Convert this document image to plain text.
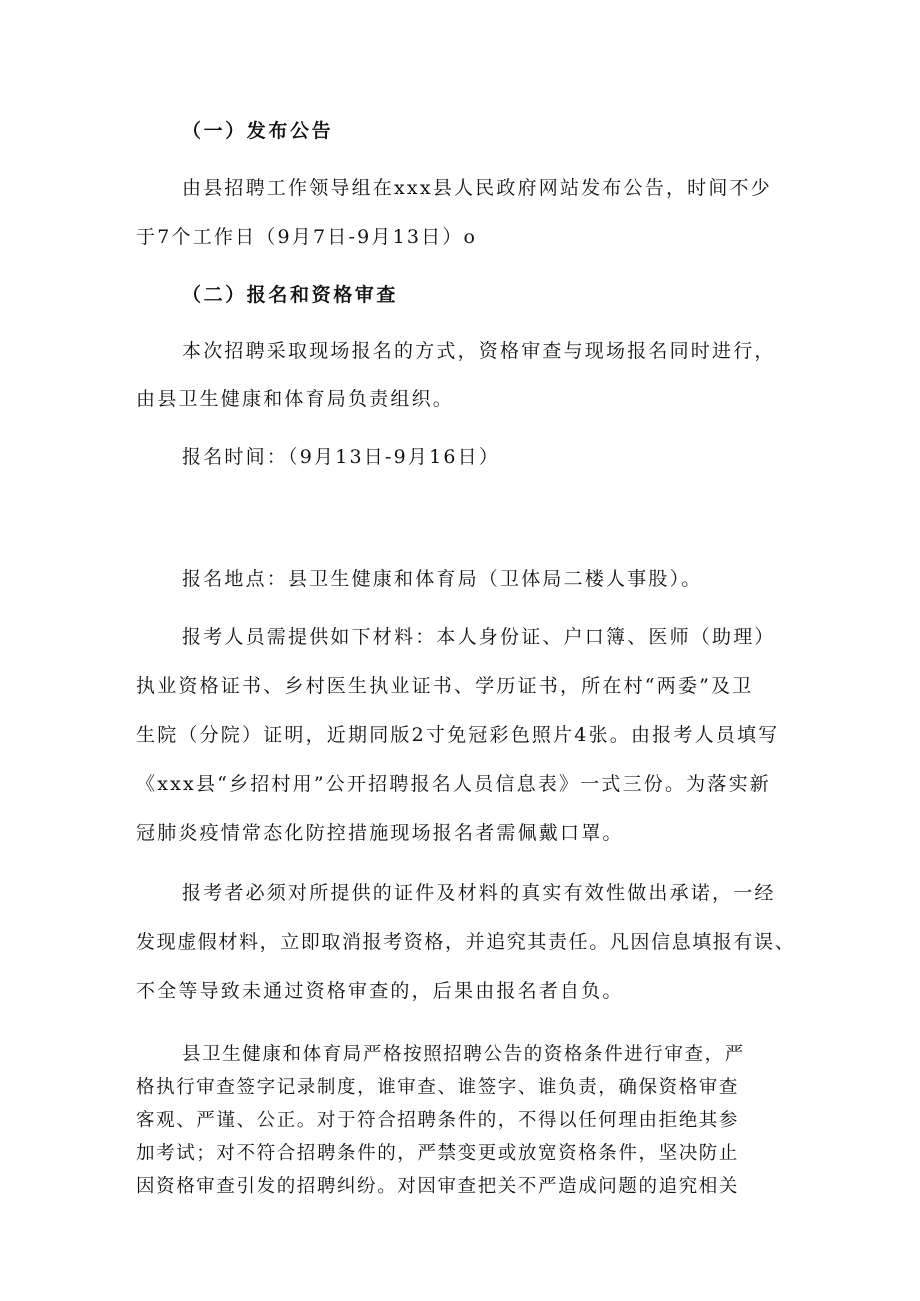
（一）发布公告
由县招聘工作领导组在xxx县人民政府网站发布公告，时间不少
于7个工作日（9月7日-9月13日）o
（二）报名和资格审查
本次招聘采取现场报名的方式，资格审查与现场报名同时进行，
由县卫生健康和体育局负责组织。
报名时间：（9月13日-9月16日）
报名地点：县卫生健康和体育局（卫体局二楼人事股）。
报考人员需提供如下材料：本人身份证、户口簿、医师（助理）
执业资格证书、乡村医生执业证书、学历证书，所在村“两委”及卫
生院（分院）证明，近期同版2寸免冠彩色照片4张。由报考人员填写
《xxx县“乡招村用”公开招聘报名人员信息表》一式三份。为落实新
冠肺炎疫情常态化防控措施现场报名者需佩戴口罩。
报考者必须对所提供的证件及材料的真实有效性做出承诺，一经
发现虚假材料，立即取消报考资格，并追究其责任。凡因信息填报有误、
不全等导致未通过资格审查的，后果由报名者自负。
县卫生健康和体育局严格按照招聘公告的资格条件进行审查，严
格执行审查签字记录制度，谁审查、谁签字、谁负责，确保资格审查
客观、严谨、公正。对于符合招聘条件的，不得以任何理由拒绝其参
加考试；对不符合招聘条件的，严禁变更或放宽资格条件，坚决防止
因资格审查引发的招聘纠纷。对因审查把关不严造成问题的追究相关
